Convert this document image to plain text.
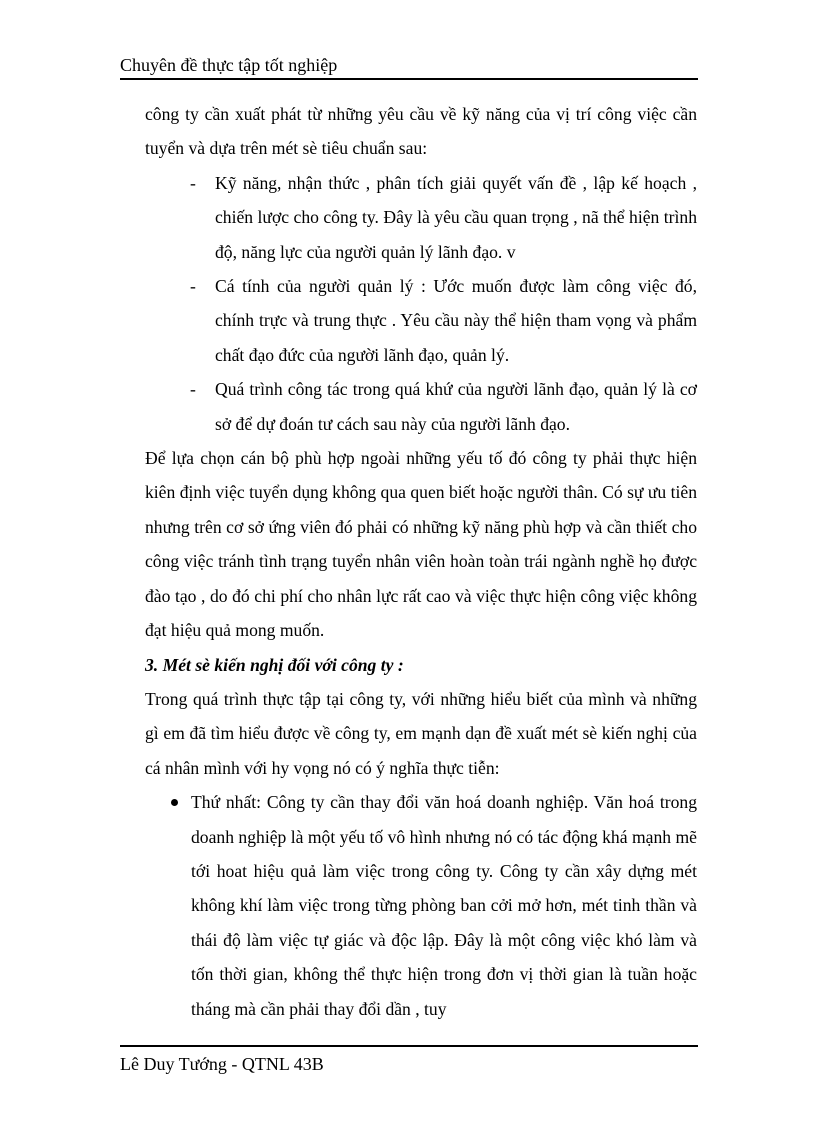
Chuyên đề thực tập tốt nghiệp

công ty cần xuất phát từ những yêu cầu về kỹ năng của vị trí công việc cần tuyển và dựa trên mét sè tiêu chuẩn sau:

- Kỹ năng, nhận thức , phân tích giải quyết vấn đề , lập kế hoạch , chiến lược cho công ty. Đây là yêu cầu quan trọng , nã thể hiện trình độ, năng lực của người quản lý lãnh đạo. v
- Cá tính của người quản lý : Ước muốn được làm công việc đó, chính trực và trung thực . Yêu cầu này thể hiện tham vọng và phẩm chất đạo đức của người lãnh đạo, quản lý.
- Quá trình công tác trong quá khứ của người lãnh đạo, quản lý là cơ sở để dự đoán tư cách sau này của người lãnh đạo.

Để lựa chọn cán bộ phù hợp ngoài những yếu tố đó công ty phải thực hiện kiên định việc tuyển dụng không qua quen biết hoặc người thân. Có sự ưu tiên nhưng trên cơ sở ứng viên đó phải có những kỹ năng phù hợp và cần thiết cho công việc tránh tình trạng tuyển nhân viên hoàn toàn trái ngành nghề họ được đào tạo , do đó chi phí cho nhân lực rất cao và việc thực hiện công việc không đạt hiệu quả mong muốn.

3. Mét sè kiến nghị đối với công ty :

Trong quá trình thực tập tại công ty, với những hiểu biết của mình và những gì em đã tìm hiểu được về công ty, em mạnh dạn đề xuất mét sè kiến nghị của cá nhân mình với hy vọng nó có ý nghĩa thực tiễn:

Thứ nhất: Công ty cần thay đổi văn hoá doanh nghiệp. Văn hoá trong doanh nghiệp là một yếu tố vô hình nhưng nó có tác động khá mạnh mẽ tới hoat hiệu quả làm việc trong công ty. Công ty cần xây dựng mét không khí làm việc trong từng phòng ban cởi mở hơn, mét tinh thần và thái độ làm việc tự giác và độc lập. Đây là một công việc khó làm và tốn thời gian, không thể thực hiện trong đơn vị thời gian là tuần hoặc tháng mà cần phải thay đổi dần , tuy
Lê Duy Tướng - QTNL 43B
